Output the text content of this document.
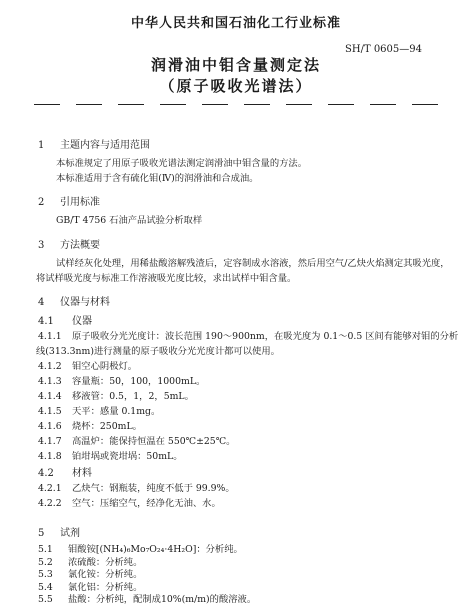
中华人民共和国石油化工行业标准
SH/T 0605—94
润滑油中钼含量测定法
（原子吸收光谱法）
1 主题内容与适用范围
本标准规定了用原子吸收光谱法测定润滑油中钼含量的方法。
本标准适用于含有硫化钼(Ⅳ)的润滑油和合成油。
2 引用标准
GB/T 4756 石油产品试验分析取样
3 方法概要
试样经灰化处理，用稀盐酸溶解残渣后，定容制成水溶液，然后用空气/乙炔火焰测定其吸光度，
将试样吸光度与标准工作溶液吸光度比较，求出试样中钼含量。
4 仪器与材料
4.1 仪器
4.1.1 原子吸收分光光度计：波长范围 190～900nm，在吸光度为 0.1～0.5 区间有能够对钼的分析
线(313.3nm)进行测量的原子吸收分光光度计都可以使用。
4.1.2 钼空心阴极灯。
4.1.3 容量瓶：50，100，1000mL。
4.1.4 移液管：0.5，1，2，5mL。
4.1.5 天平：感量 0.1mg。
4.1.6 烧杯：250mL。
4.1.7 高温炉：能保持恒温在 550℃±25℃。
4.1.8 铂坩埚或瓷坩埚：50mL。
4.2 材料
4.2.1 乙炔气：钢瓶装，纯度不低于 99.9%。
4.2.2 空气：压缩空气，经净化无油、水。
5 试剂
5.1 钼酸铵[(NH₄)₆Mo₇O₂₄·4H₂O]：分析纯。
5.2 浓硫酸：分析纯。
5.3 氯化铵：分析纯。
5.4 氯化铝：分析纯。
5.5 盐酸：分析纯，配制成10%(m/m)的酸溶液。
